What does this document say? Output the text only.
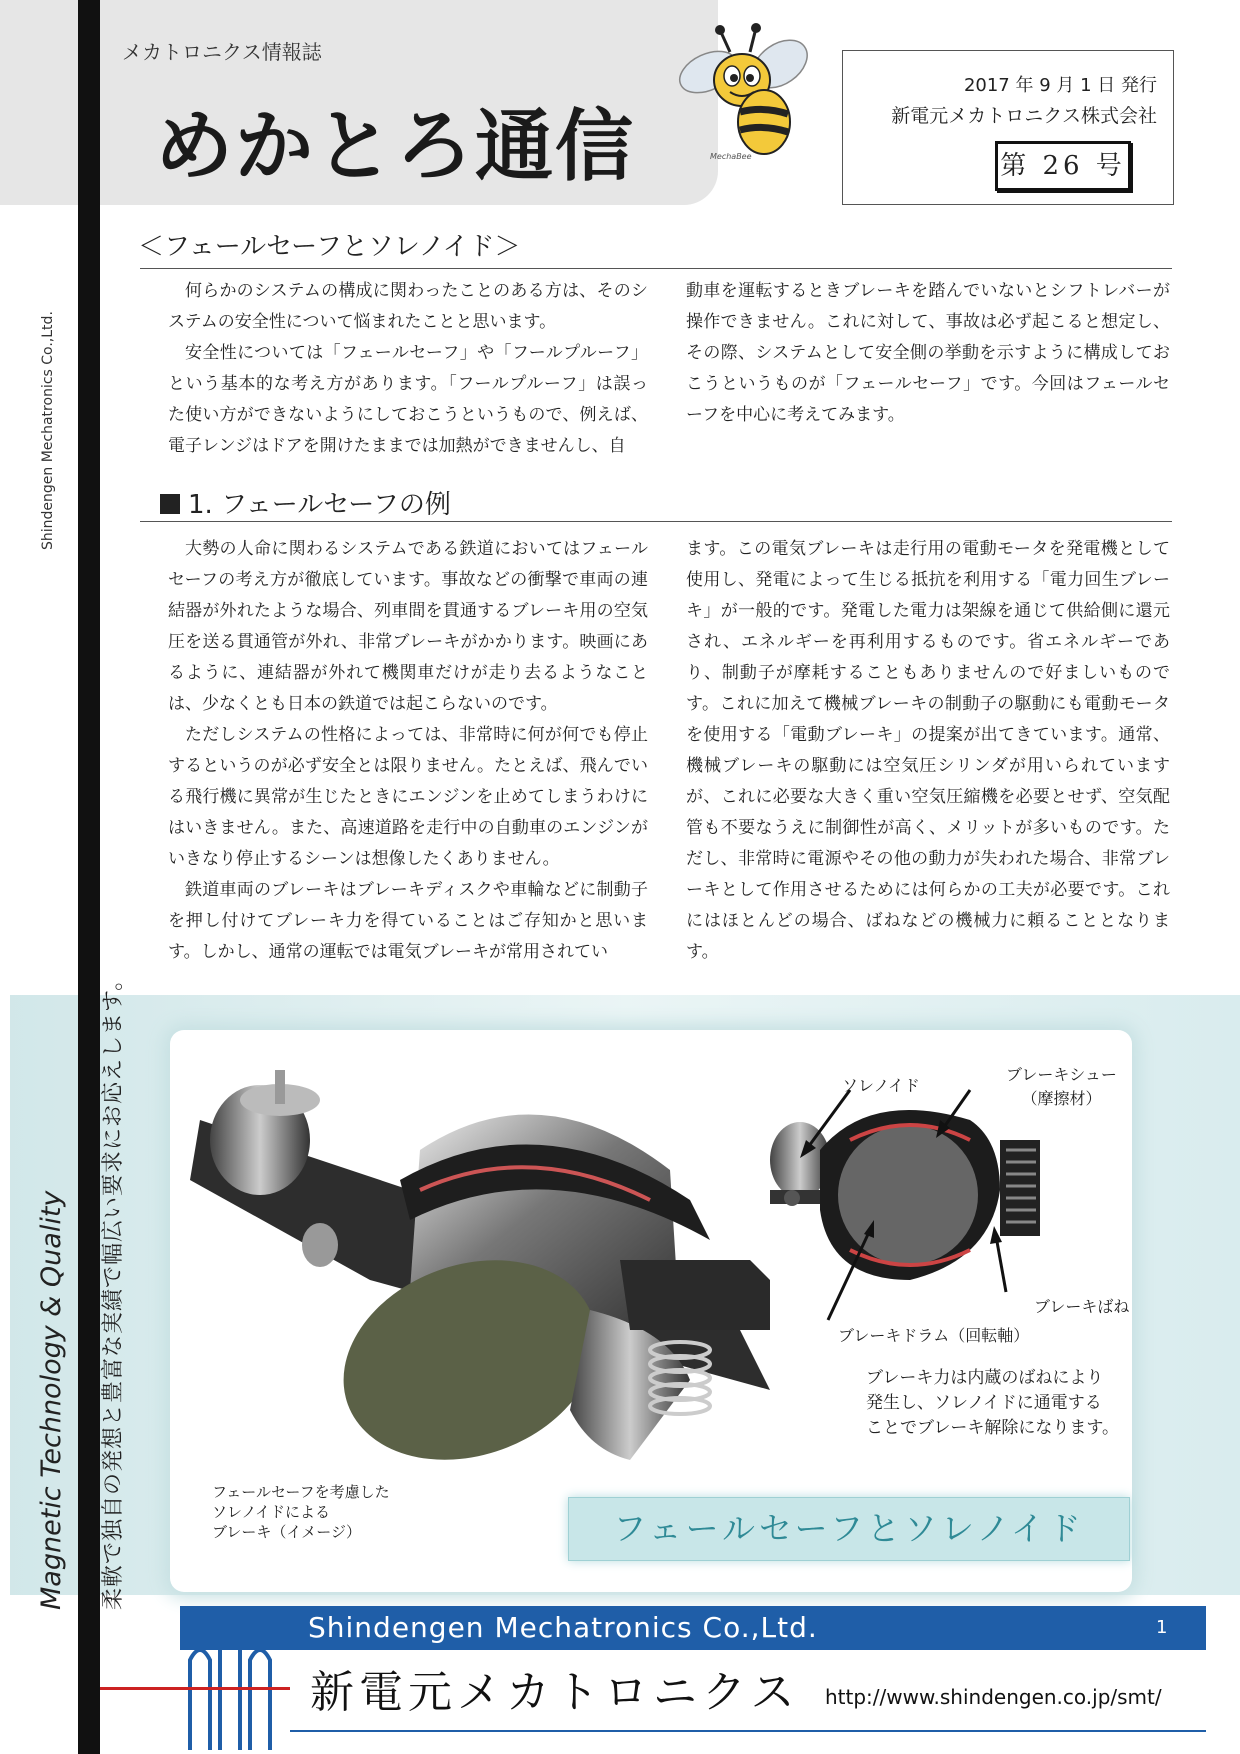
メカトロニクス情報誌
めかとろ通信	MechaBee
2017 年 9 月 1 日 発行
新電元メカトロニクス株式会社
第 26 号
Shindengen Mechatronics Co.,Ltd.
＜フェールセーフとソレノイド＞

何らかのシステムの構成に関わったことのある方は、そのシステムの安全性について悩まれたことと思います。

安全性については「フェールセーフ」や「フールプルーフ」という基本的な考え方があります。「フールプルーフ」は誤った使い方ができないようにしておこうというもので、例えば、電子レンジはドアを開けたままでは加熱ができませんし、自

動車を運転するときブレーキを踏んでいないとシフトレバーが操作できません。これに対して、事故は必ず起こると想定し、その際、システムとして安全側の挙動を示すように構成しておこうというものが「フェールセーフ」です。今回はフェールセーフを中心に考えてみます。

1. フェールセーフの例

大勢の人命に関わるシステムである鉄道においてはフェールセーフの考え方が徹底しています。事故などの衝撃で車両の連結器が外れたような場合、列車間を貫通するブレーキ用の空気圧を送る貫通管が外れ、非常ブレーキがかかります。映画にあるように、連結器が外れて機関車だけが走り去るようなことは、少なくとも日本の鉄道では起こらないのです。

ただしシステムの性格によっては、非常時に何が何でも停止するというのが必ず安全とは限りません。たとえば、飛んでいる飛行機に異常が生じたときにエンジンを止めてしまうわけにはいきません。また、高速道路を走行中の自動車のエンジンがいきなり停止するシーンは想像したくありません。

鉄道車両のブレーキはブレーキディスクや車輪などに制動子を押し付けてブレーキ力を得ていることはご存知かと思います。しかし、通常の運転では電気ブレーキが常用されてい

ます。この電気ブレーキは走行用の電動モータを発電機として使用し、発電によって生じる抵抗を利用する「電力回生ブレーキ」が一般的です。発電した電力は架線を通じて供給側に還元され、エネルギーを再利用するものです。省エネルギーであり、制動子が摩耗することもありませんので好ましいものです。これに加えて機械ブレーキの制動子の駆動にも電動モータを使用する「電動ブレーキ」の提案が出てきています。通常、機械ブレーキの駆動には空気圧シリンダが用いられていますが、これに必要な大きく重い空気圧縮機を必要とせず、空気配管も不要なうえに制御性が高く、メリットが多いものです。ただし、非常時に電源やその他の動力が失われた場合、非常ブレーキとして作用させるためには何らかの工夫が必要です。これにはほとんどの場合、ばねなどの機械力に頼ることとなります。

ソレノイド
ブレーキシュー
（摩擦材）
ブレーキばね
ブレーキドラム（回転軸）
ブレーキ力は内蔵のばねにより
発生し、ソレノイドに通電する
ことでブレーキ解除になります。
フェールセーフを考慮した
ソレノイドによる
ブレーキ（イメージ）	フェールセーフとソレノイド
Magnetic Technology & Quality 柔軟で独自の発想と豊富な実績で幅広い要求にお応えします。
Shindengen Mechatronics Co.,Ltd.	1
新電元メカトロニクス http://www.shindengen.co.jp/smt/
